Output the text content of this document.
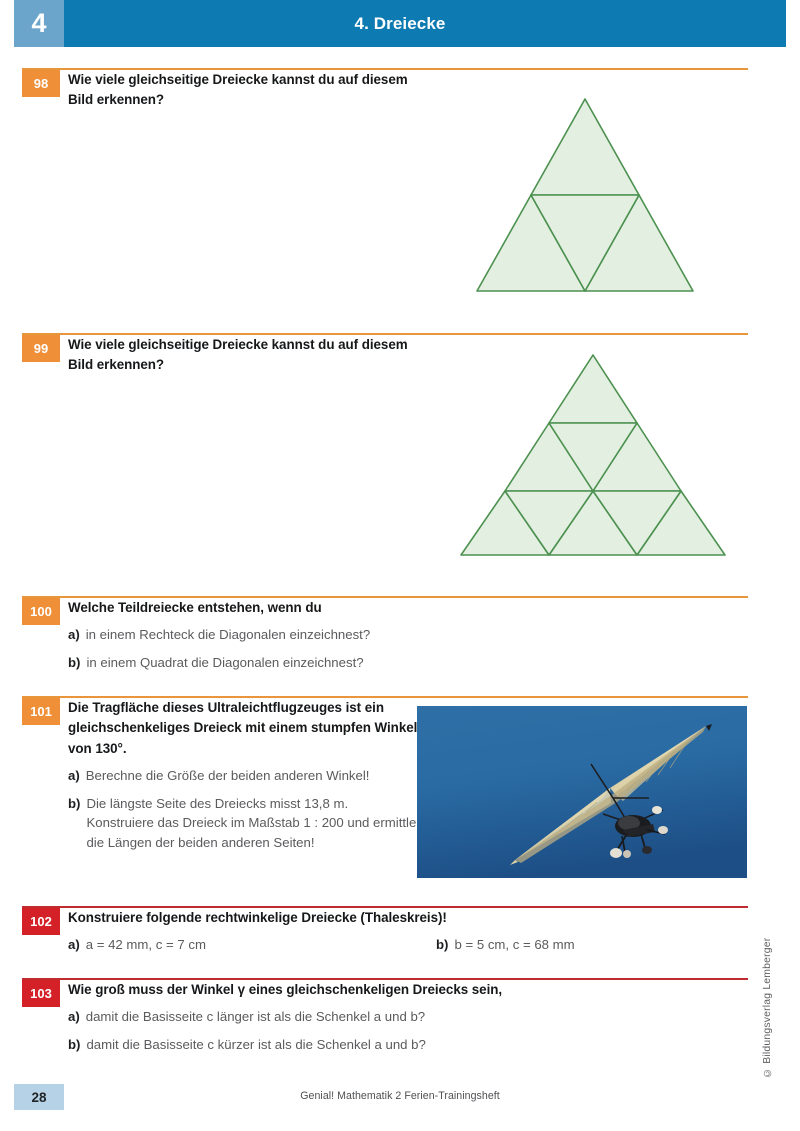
4	4. Dreiecke
98	Wie viele gleichseitige Dreiecke kannst du auf diesem Bild erkennen?
99	Wie viele gleichseitige Dreiecke kannst du auf diesem Bild erkennen?
100	Welche Teildreiecke entstehen, wenn du
a) in einem Rechteck die Diagonalen einzeichnest?
b) in einem Quadrat die Diagonalen einzeichnest?
101	Die Tragfläche dieses Ultraleichtflugzeuges ist ein gleichschenkeliges Dreieck mit einem stumpfen Winkel von 130°.
a) Berechne die Größe der beiden anderen Winkel!
b) Die längste Seite des Dreiecks misst 13,8 m. Konstruiere das Dreieck im Maßstab 1 : 200 und ermittle die Längen der beiden anderen Seiten!
102	Konstruiere folgende rechtwinkelige Dreiecke (Thaleskreis)!
a) a = 42 mm, c = 7 cm	b) b = 5 cm, c = 68 mm
103	Wie groß muss der Winkel γ eines gleichschenkeligen Dreiecks sein,
a) damit die Basisseite c länger ist als die Schenkel a und b?
b) damit die Basisseite c kürzer ist als die Schenkel a und b?	© Bildungsverlag Lemberger
28	Genial! Mathematik 2 Ferien-Trainingsheft
